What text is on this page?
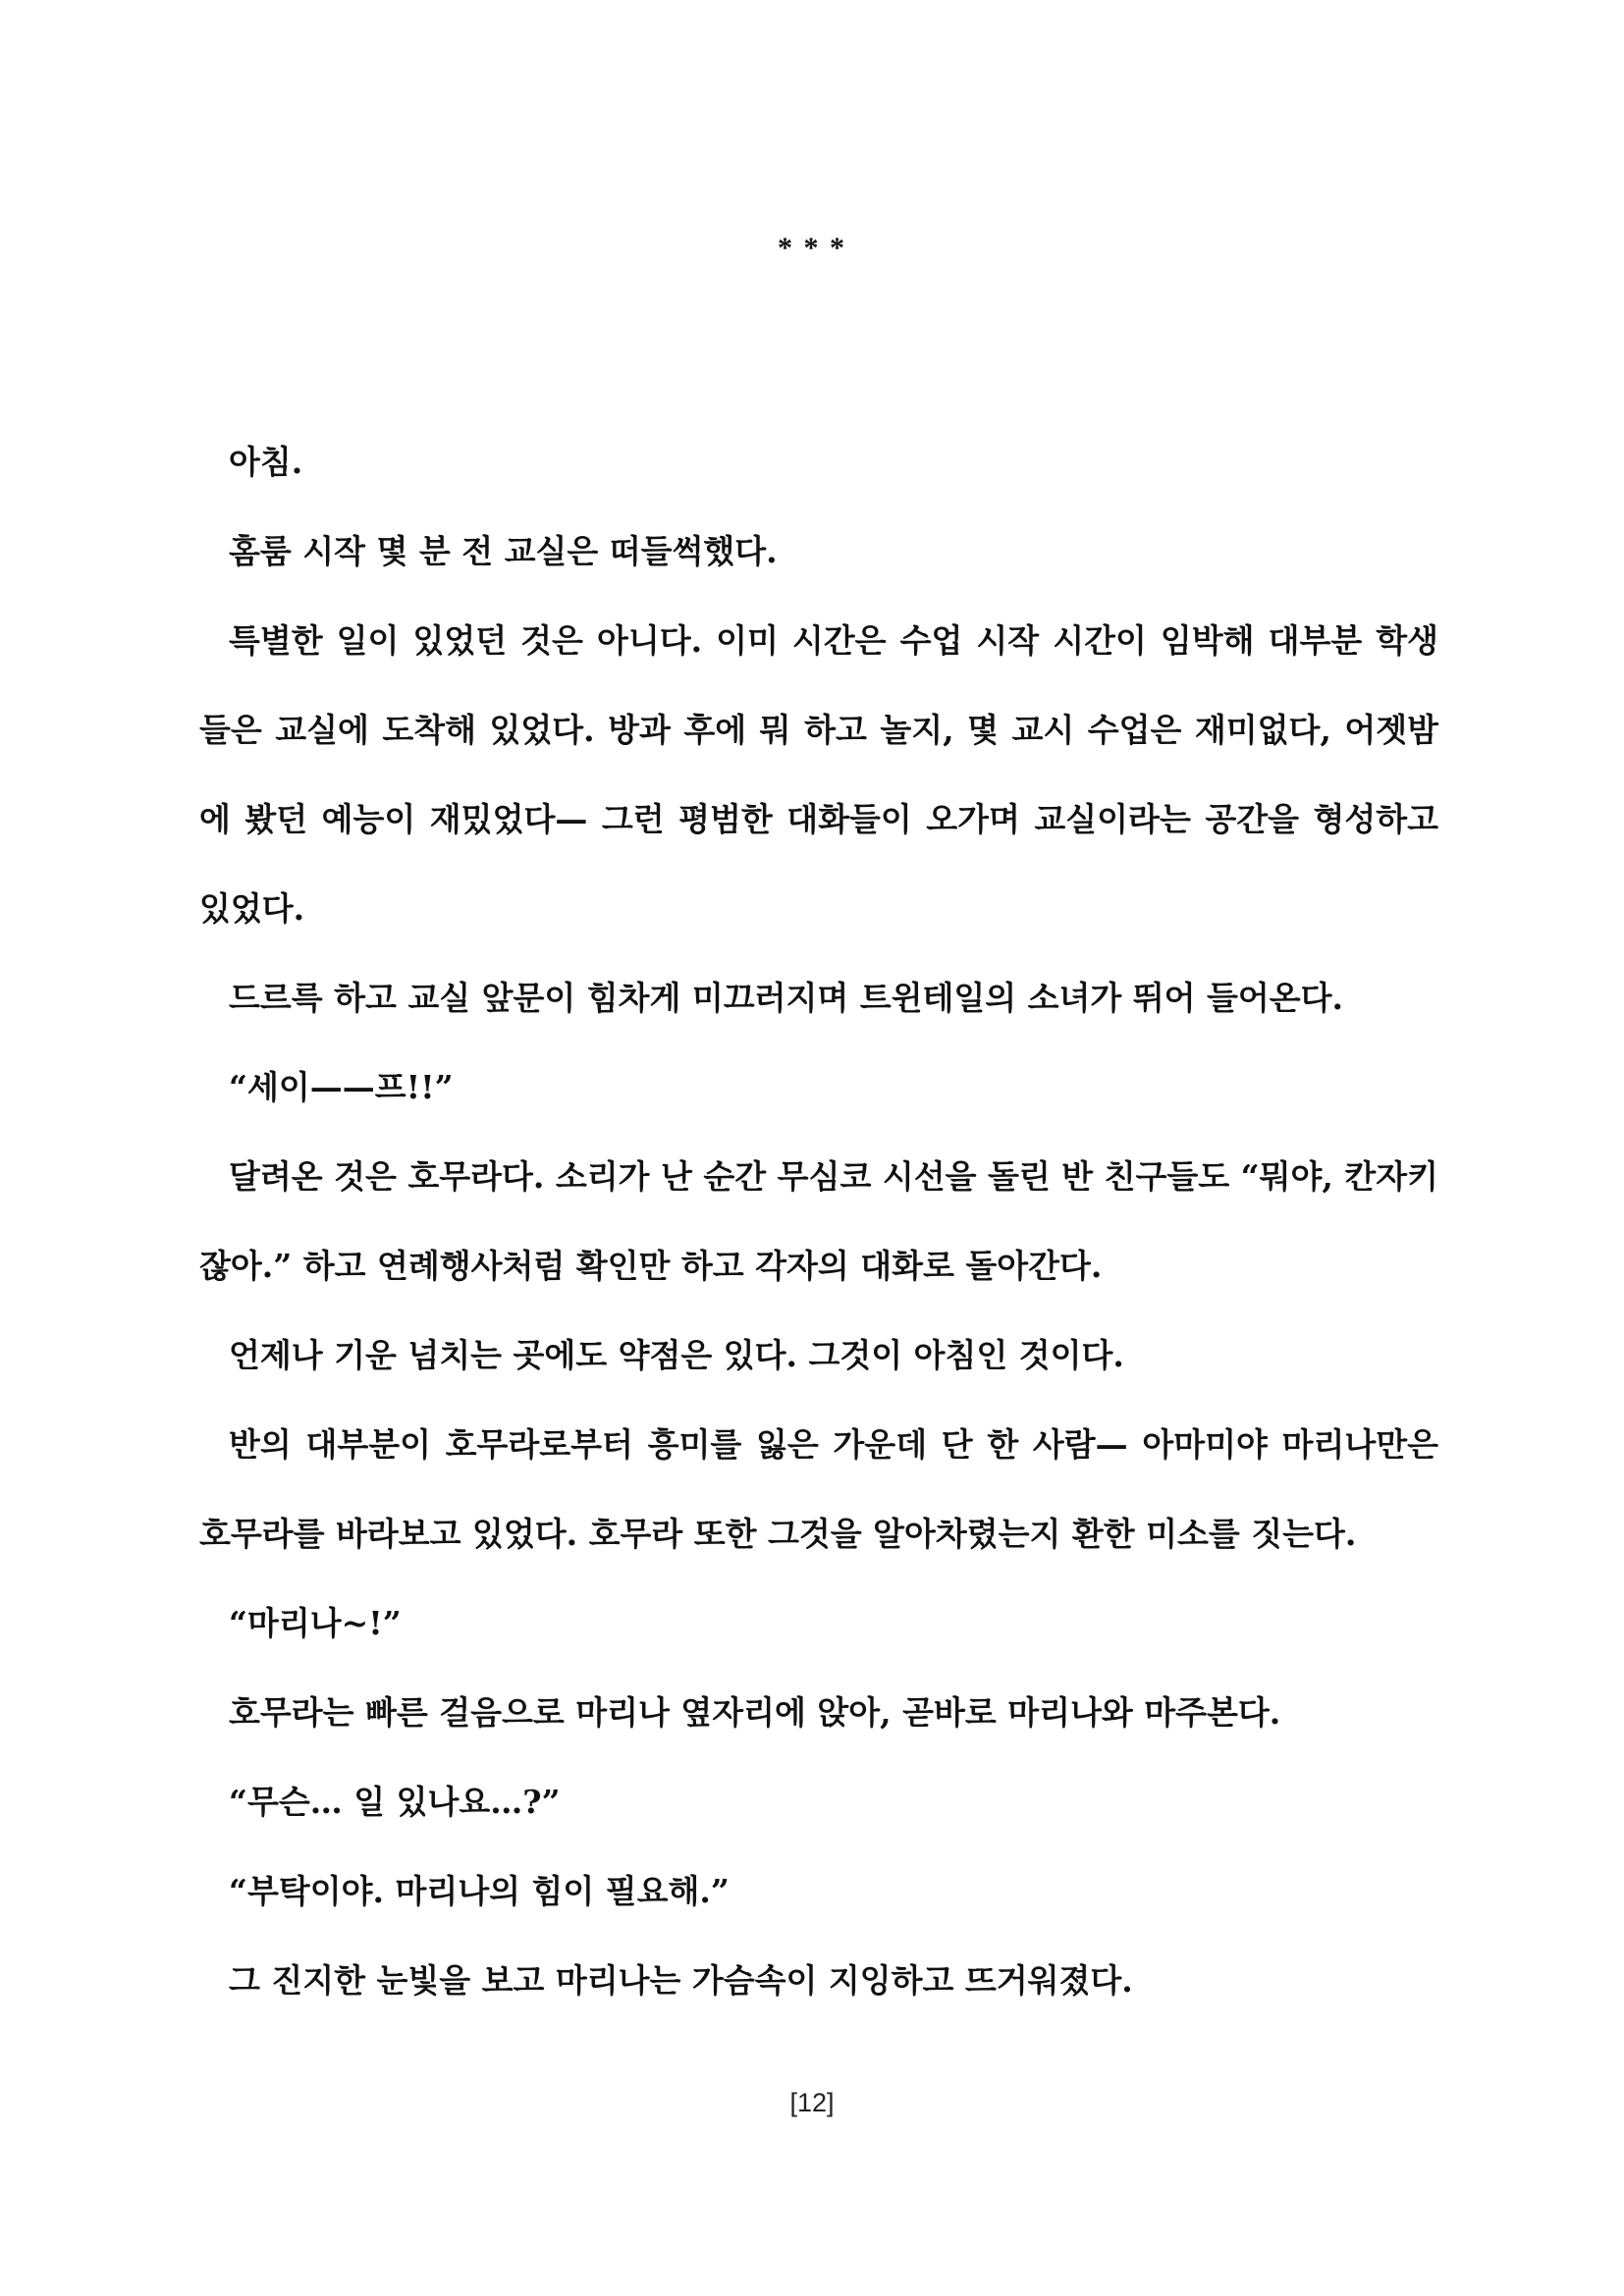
* * *

아침.

홈룸 시작 몇 분 전 교실은 떠들썩했다.

특별한 일이 있었던 것은 아니다. 이미 시간은 수업 시작 시간이 임박해 대부분 학생들은 교실에 도착해 있었다. 방과 후에 뭐 하고 놀지, 몇 교시 수업은 재미없다, 어젯밤에 봤던 예능이 재밌었다— 그런 평범한 대화들이 오가며 교실이라는 공간을 형성하고 있었다.

드르륵 하고 교실 앞문이 힘차게 미끄러지며 트윈테일의 소녀가 뛰어 들어온다.

“세이——프!!”

달려온 것은 호무라다. 소리가 난 순간 무심코 시선을 돌린 반 친구들도 “뭐야, 칸자키잖아.” 하고 연례행사처럼 확인만 하고 각자의 대화로 돌아간다.

언제나 기운 넘치는 곳에도 약점은 있다. 그것이 아침인 것이다.

반의 대부분이 호무라로부터 흥미를 잃은 가운데 단 한 사람— 아마미야 마리나만은 호무라를 바라보고 있었다. 호무라 또한 그것을 알아차렸는지 환한 미소를 짓는다.

“마리나~!”

호무라는 빠른 걸음으로 마리나 옆자리에 앉아, 곧바로 마리나와 마주본다.

“무슨… 일 있나요…?”

“부탁이야. 마리나의 힘이 필요해.”

그 진지한 눈빛을 보고 마리나는 가슴속이 지잉하고 뜨거워졌다.

[12]
